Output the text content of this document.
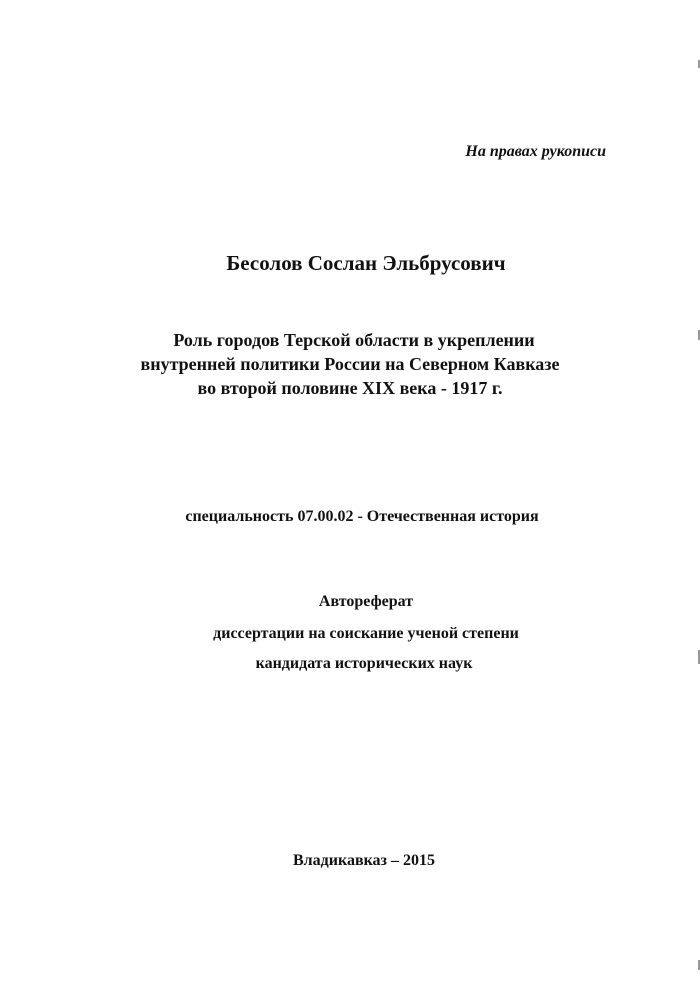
На правах рукописи

Бесолов Сослан Эльбрусович

Роль городов Терской области в укреплении
внутренней политики России на Северном Кавказе
во второй половине XIX века - 1917 г.

специальность 07.00.02 - Отечественная история

Автореферат

диссертации на соискание ученой степени

кандидата исторических наук

Владикавказ – 2015
